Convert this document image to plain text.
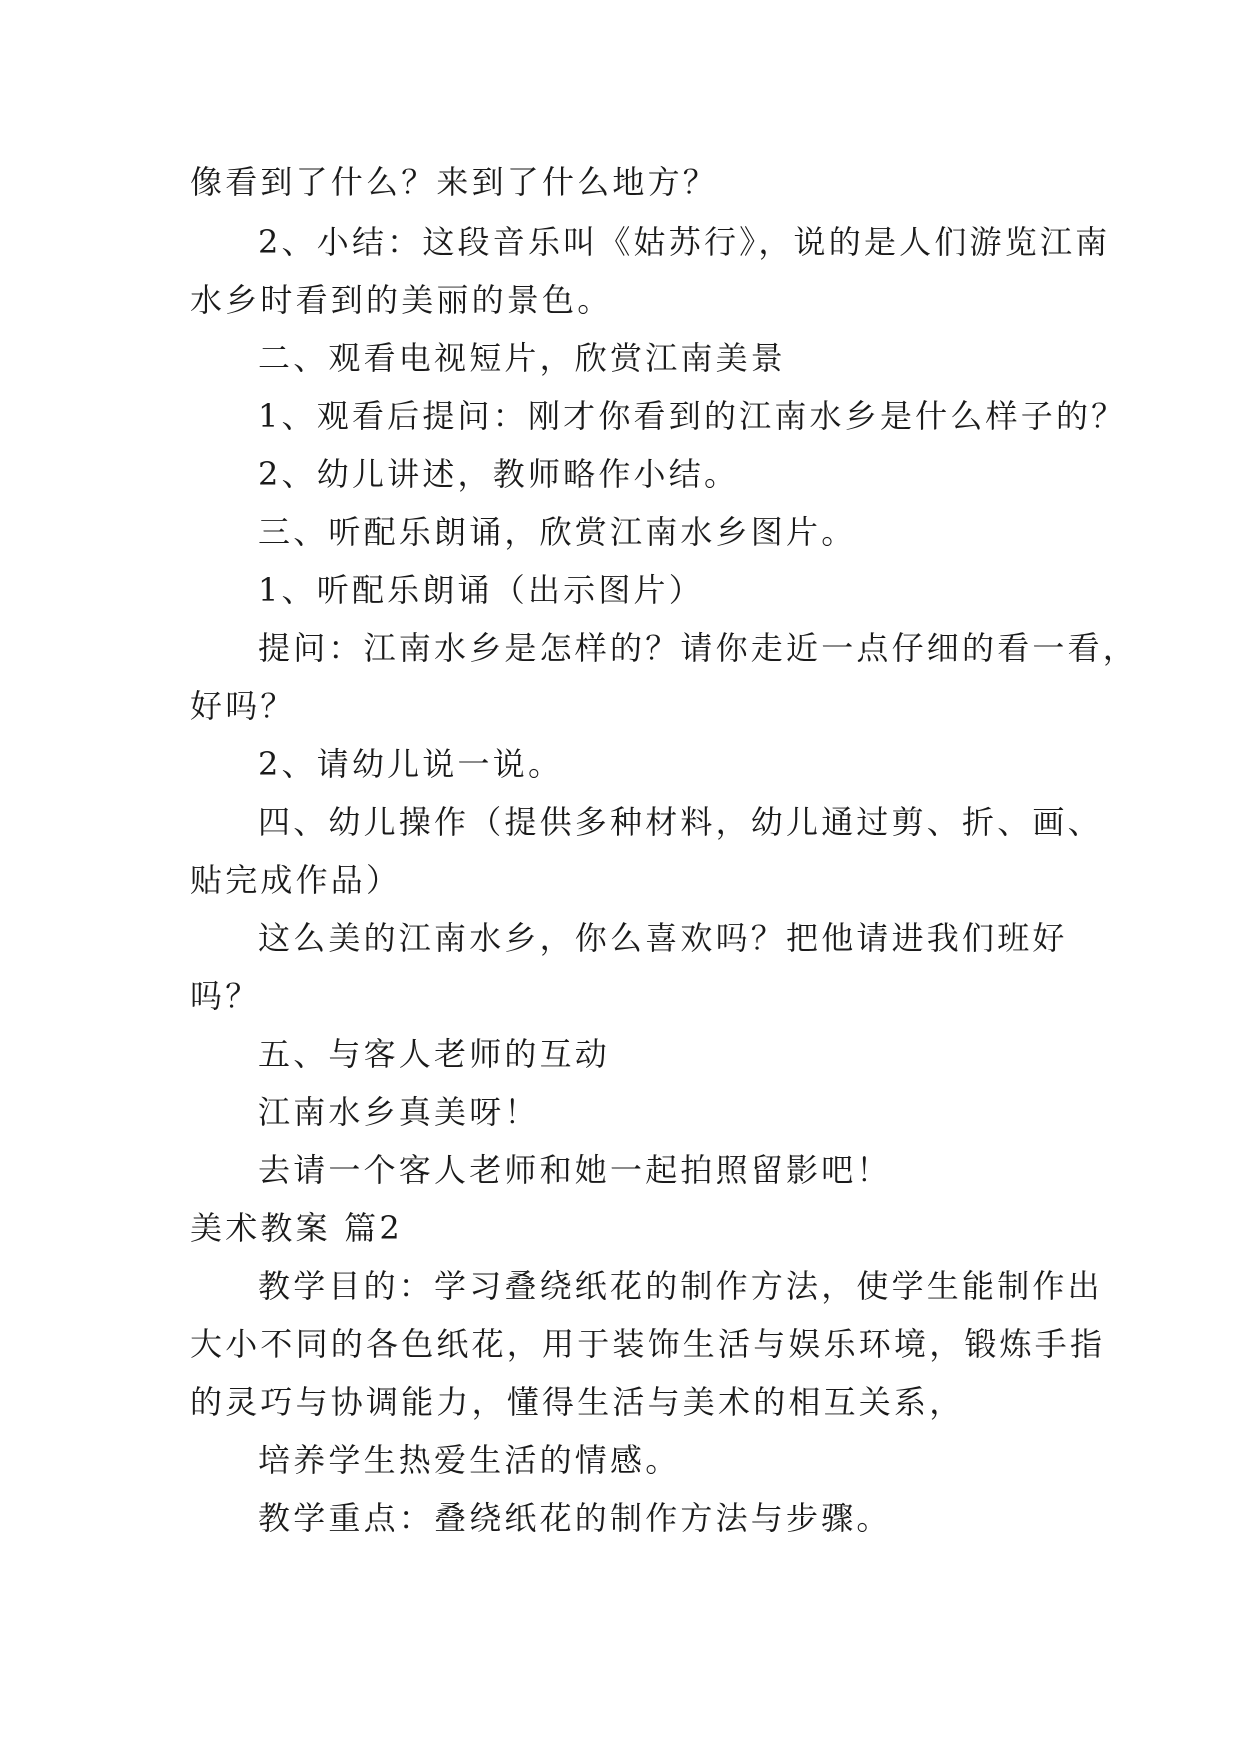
像看到了什么？来到了什么地方？
2、小结：这段音乐叫《姑苏行》，说的是人们游览江南
水乡时看到的美丽的景色。
二、观看电视短片，欣赏江南美景
1、观看后提问：刚才你看到的江南水乡是什么样子的？
2、幼儿讲述，教师略作小结。
三、听配乐朗诵，欣赏江南水乡图片。
1、听配乐朗诵（出示图片）
提问：江南水乡是怎样的？请你走近一点仔细的看一看，
好吗？
2、请幼儿说一说。
四、幼儿操作（提供多种材料，幼儿通过剪、折、画、
贴完成作品）
这么美的江南水乡，你么喜欢吗？把他请进我们班好
吗？
五、与客人老师的互动
江南水乡真美呀！
去请一个客人老师和她一起拍照留影吧！
美术教案 篇2
教学目的：学习叠绕纸花的制作方法，使学生能制作出
大小不同的各色纸花，用于装饰生活与娱乐环境，锻炼手指
的灵巧与协调能力，懂得生活与美术的相互关系，
培养学生热爱生活的情感。
教学重点：叠绕纸花的制作方法与步骤。
